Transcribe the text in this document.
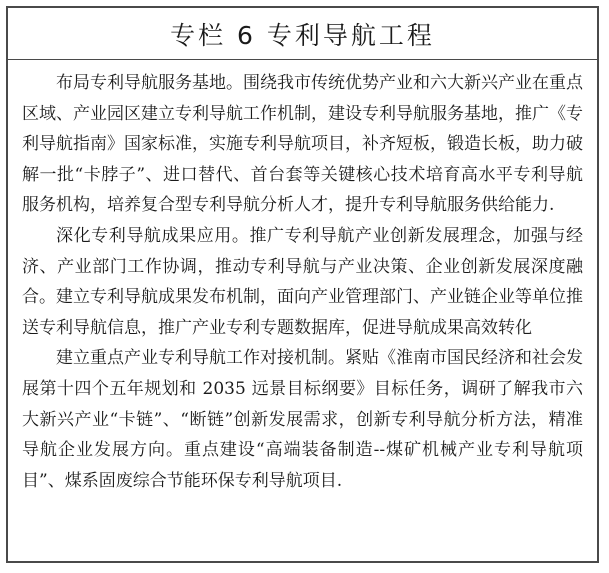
专栏 6 专利导航工程

布局专利导航服务基地。围绕我市传统优势产业和六大新兴产业在重点区域、产业园区建立专利导航工作机制，建设专利导航服务基地，推广《专利导航指南》国家标准，实施专利导航项目，补齐短板，锻造长板，助力破解一批“卡脖子”、进口替代、首台套等关键核心技术培育高水平专利导航服务机构，培养复合型专利导航分析人才，提升专利导航服务供给能力.

深化专利导航成果应用。推广专利导航产业创新发展理念，加强与经济、产业部门工作协调，推动专利导航与产业决策、企业创新发展深度融合。建立专利导航成果发布机制，面向产业管理部门、产业链企业等单位推送专利导航信息，推广产业专利专题数据库，促进导航成果高效转化

建立重点产业专利导航工作对接机制。紧贴《淮南市国民经济和社会发展第十四个五年规划和 2035 远景目标纲要》目标任务，调研了解我市六大新兴产业“卡链”、“断链”创新发展需求，创新专利导航分析方法，精准导航企业发展方向。重点建设“高端装备制造--煤矿机械产业专利导航项目”、煤系固废综合节能环保专利导航项目.
